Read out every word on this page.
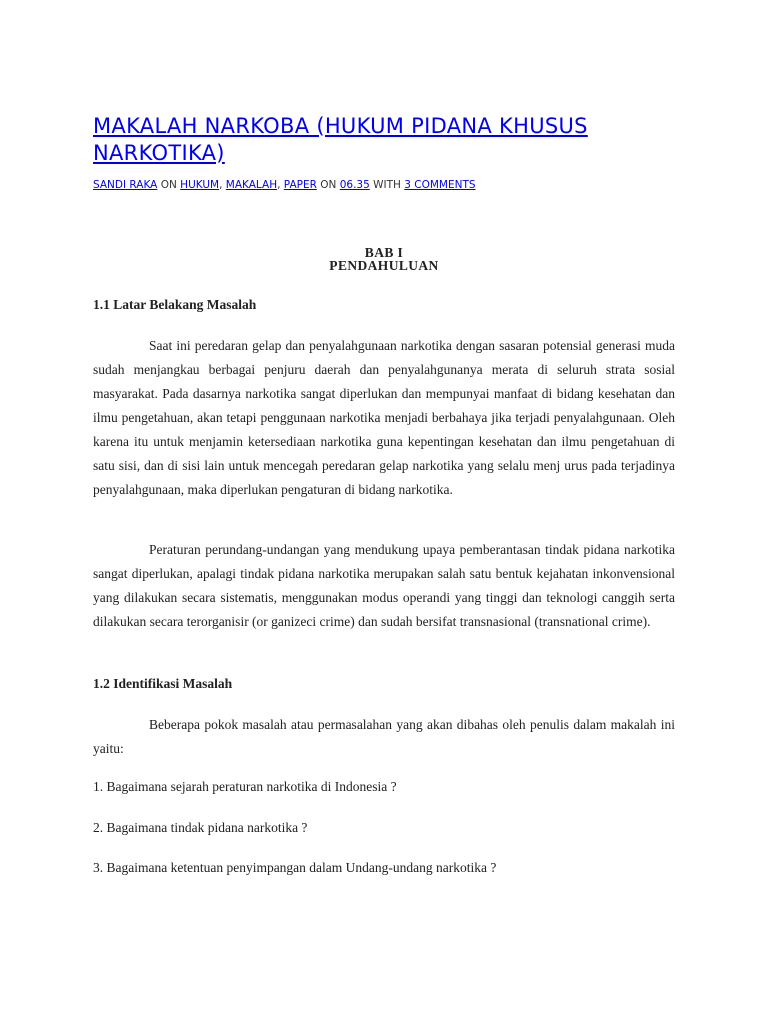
MAKALAH NARKOBA (HUKUM PIDANA KHUSUS NARKOTIKA)
SANDI RAKA ON HUKUM, MAKALAH, PAPER ON 06.35 WITH 3 COMMENTS

BAB I

PENDAHULUAN

1.1 Latar Belakang Masalah

Saat ini peredaran gelap dan penyalahgunaan narkotika dengan sasaran potensial generasi muda sudah menjangkau berbagai penjuru daerah dan penyalahgunanya merata di seluruh strata sosial masyarakat. Pada dasarnya narkotika sangat diperlukan dan mempunyai manfaat di bidang kesehatan dan ilmu pengetahuan, akan tetapi penggunaan narkotika menjadi berbahaya jika terjadi penyalahgunaan. Oleh karena itu untuk menjamin ketersediaan narkotika guna kepentingan kesehatan dan ilmu pengetahuan di satu sisi, dan di sisi lain untuk mencegah peredaran gelap narkotika yang selalu menj urus pada terjadinya penyalahgunaan, maka diperlukan pengaturan di bidang narkotika.

Peraturan perundang-undangan yang mendukung upaya pemberantasan tindak pidana narkotika sangat diperlukan, apalagi tindak pidana narkotika merupakan salah satu bentuk kejahatan inkonvensional yang dilakukan secara sistematis, menggunakan modus operandi yang tinggi dan teknologi canggih serta dilakukan secara terorganisir (or ganizeci crime) dan sudah bersifat transnasional (transnational crime).

1.2 Identifikasi Masalah

Beberapa pokok masalah atau permasalahan yang akan dibahas oleh penulis dalam makalah ini yaitu:

1. Bagaimana sejarah peraturan narkotika di Indonesia ?

2. Bagaimana tindak pidana narkotika ?

3. Bagaimana ketentuan penyimpangan dalam Undang-undang narkotika ?
